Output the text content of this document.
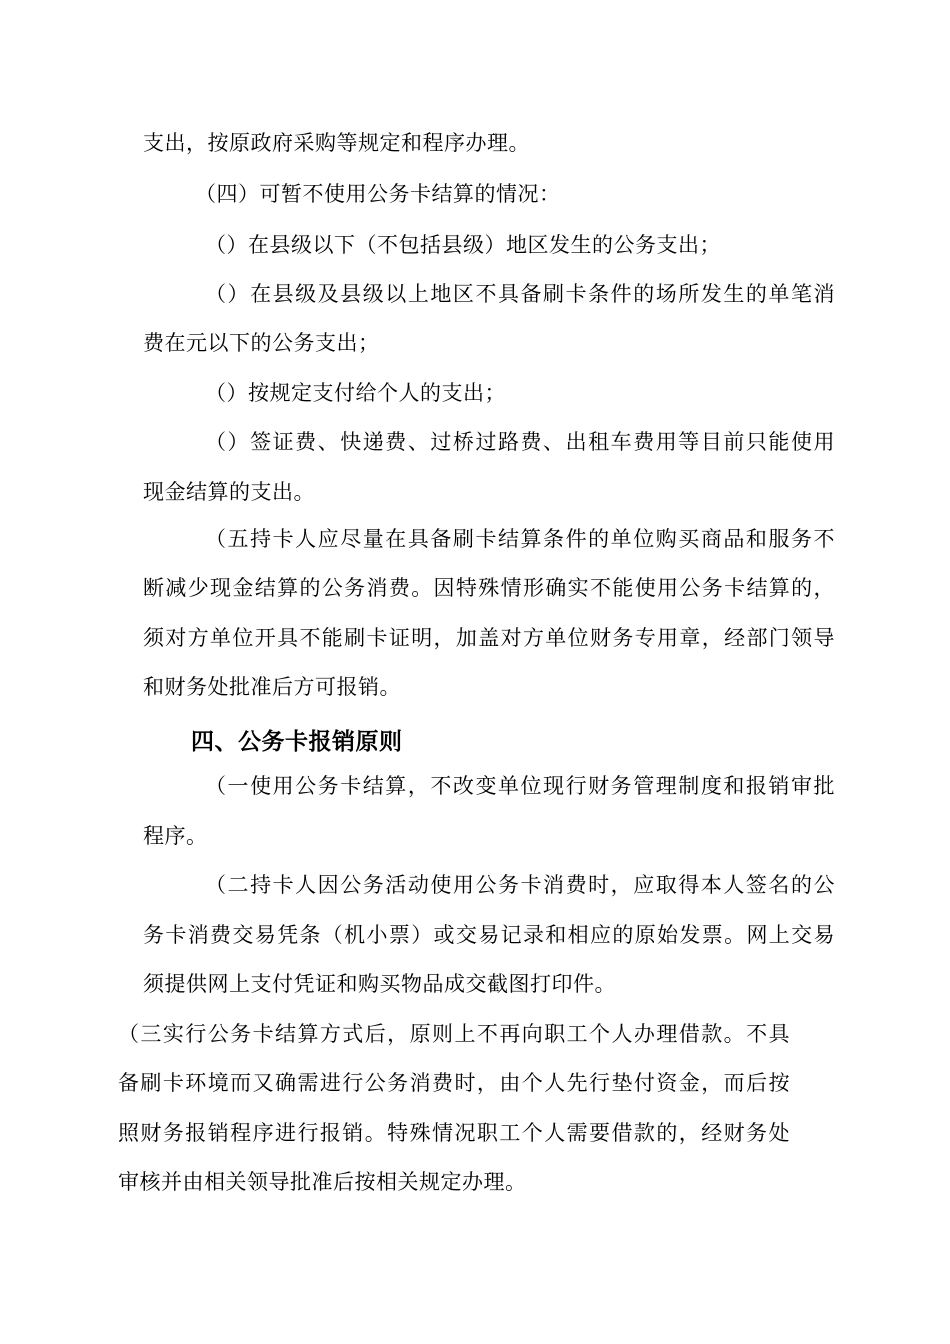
支出，按原政府采购等规定和程序办理。
（四）可暂不使用公务卡结算的情况：
（）在县级以下（不包括县级）地区发生的公务支出；
（）在县级及县级以上地区不具备刷卡条件的场所发生的单笔消
费在元以下的公务支出；
（）按规定支付给个人的支出；
（）签证费、快递费、过桥过路费、出租车费用等目前只能使用
现金结算的支出。
（五持卡人应尽量在具备刷卡结算条件的单位购买商品和服务不
断减少现金结算的公务消费。因特殊情形确实不能使用公务卡结算的，
须对方单位开具不能刷卡证明，加盖对方单位财务专用章，经部门领导
和财务处批准后方可报销。
四、公务卡报销原则
（一使用公务卡结算，不改变单位现行财务管理制度和报销审批
程序。
（二持卡人因公务活动使用公务卡消费时，应取得本人签名的公
务卡消费交易凭条（机小票）或交易记录和相应的原始发票。网上交易
须提供网上支付凭证和购买物品成交截图打印件。
（三实行公务卡结算方式后，原则上不再向职工个人办理借款。不具
备刷卡环境而又确需进行公务消费时，由个人先行垫付资金，而后按
照财务报销程序进行报销。特殊情况职工个人需要借款的，经财务处
审核并由相关领导批准后按相关规定办理。
